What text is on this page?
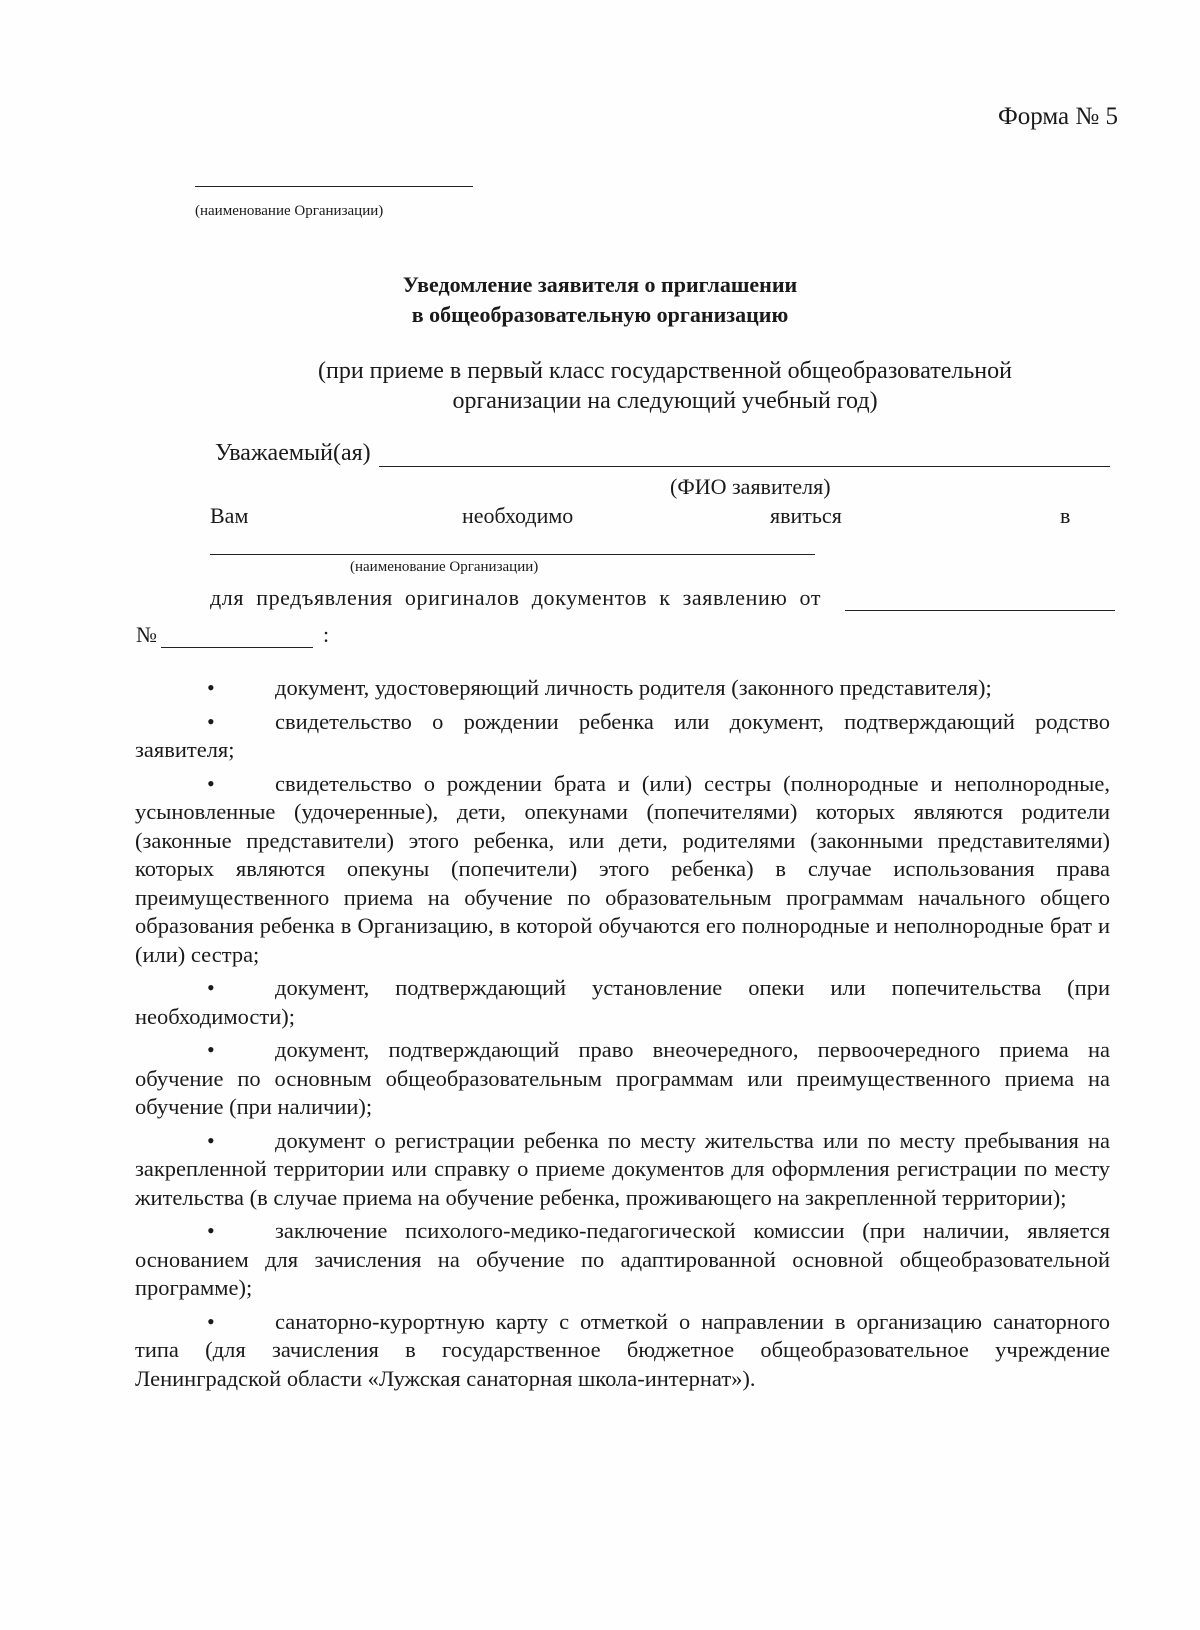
Форма № 5
(наименование Организации)
Уведомление заявителя о приглашении
в общеобразовательную организацию
(при приеме в первый класс государственной общеобразовательной организации на следующий учебный год)
Уважаемый(ая)
(ФИО заявителя)
Вам	необходимо	явиться	в
(наименование Организации)
для предъявления оригиналов документов к заявлению от
№	:
•	документ, удостоверяющий личность родителя (законного представителя);
•	свидетельство о рождении ребенка или документ, подтверждающий родство заявителя;
•	свидетельство о рождении брата и (или) сестры (полнородные и неполнородные, усыновленные (удочеренные), дети, опекунами (попечителями) которых являются родители (законные представители) этого ребенка, или дети, родителями (законными представителями) которых являются опекуны (попечители) этого ребенка) в случае использования права преимущественного приема на обучение по образовательным программам начального общего образования ребенка в Организацию, в которой обучаются его полнородные и неполнородные брат и (или) сестра;
•	документ, подтверждающий установление опеки или попечительства (при необходимости);
•	документ, подтверждающий право внеочередного, первоочередного приема на обучение по основным общеобразовательным программам или преимущественного приема на обучение (при наличии);
•	документ о регистрации ребенка по месту жительства или по месту пребывания на закрепленной территории или справку о приеме документов для оформления регистрации по месту жительства (в случае приема на обучение ребенка, проживающего на закрепленной территории);
•	заключение психолого-медико-педагогической комиссии (при наличии, является основанием для зачисления на обучение по адаптированной основной общеобразовательной программе);
•	санаторно-курортную карту с отметкой о направлении в организацию санаторного типа (для зачисления в государственное бюджетное общеобразовательное учреждение Ленинградской области «Лужская санаторная школа-интернат»).
